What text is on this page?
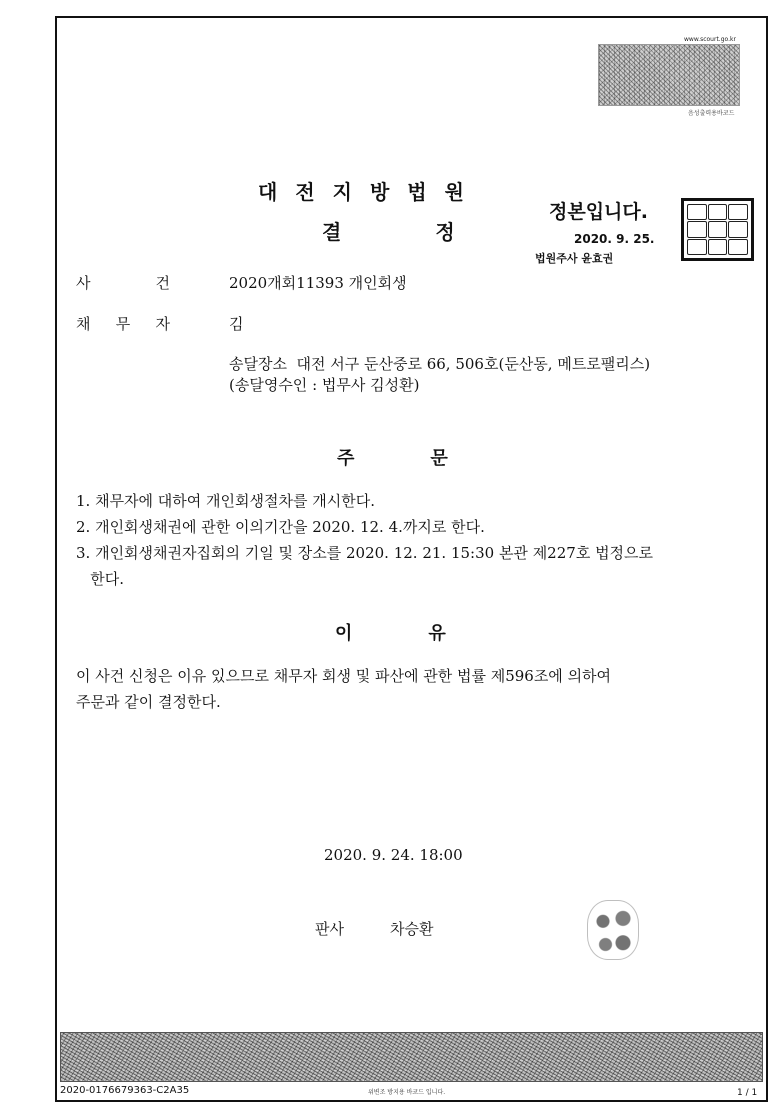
www.scourt.go.kr
음성출력용바코드
대전지방법원
결정
정본입니다.
2020. 9. 25.
법원주사 윤효권
사	건	2020개회11393 개인회생
채 무 자	김
송달장소  대전 서구 둔산중로 66, 506호(둔산동, 메트로팰리스)
(송달영수인 : 법무사 김성환)
주문
1. 채무자에 대하여 개인회생절차를 개시한다.
2. 개인회생채권에 관한 이의기간을 2020. 12. 4.까지로 한다.
3. 개인회생채권자집회의 기일 및 장소를 2020. 12. 21. 15:30 본관 제227호 법정으로
한다.
이유
이 사건 신청은 이유 있으므로 채무자 회생 및 파산에 관한 법률 제596조에 의하여
주문과 같이 결정한다.
2020. 9. 24. 18:00
판사	차승환
2020-0176679363-C2A35	위변조 방지용 바코드 입니다.	1 / 1
